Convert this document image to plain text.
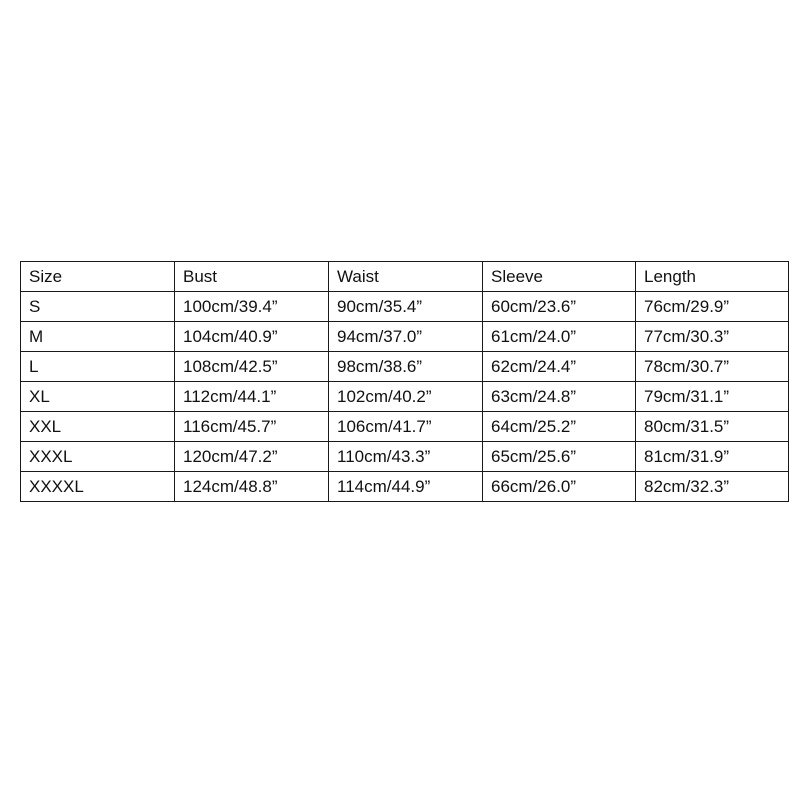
Size	Bust	Waist	Sleeve	Length
S	100cm/39.4”	90cm/35.4”	60cm/23.6”	76cm/29.9”
M	104cm/40.9”	94cm/37.0”	61cm/24.0”	77cm/30.3”
L	108cm/42.5”	98cm/38.6”	62cm/24.4”	78cm/30.7”
XL	112cm/44.1”	102cm/40.2”	63cm/24.8”	79cm/31.1”
XXL	116cm/45.7”	106cm/41.7”	64cm/25.2”	80cm/31.5”
XXXL	120cm/47.2”	110cm/43.3”	65cm/25.6”	81cm/31.9”
XXXXL	124cm/48.8”	114cm/44.9”	66cm/26.0”	82cm/32.3”
